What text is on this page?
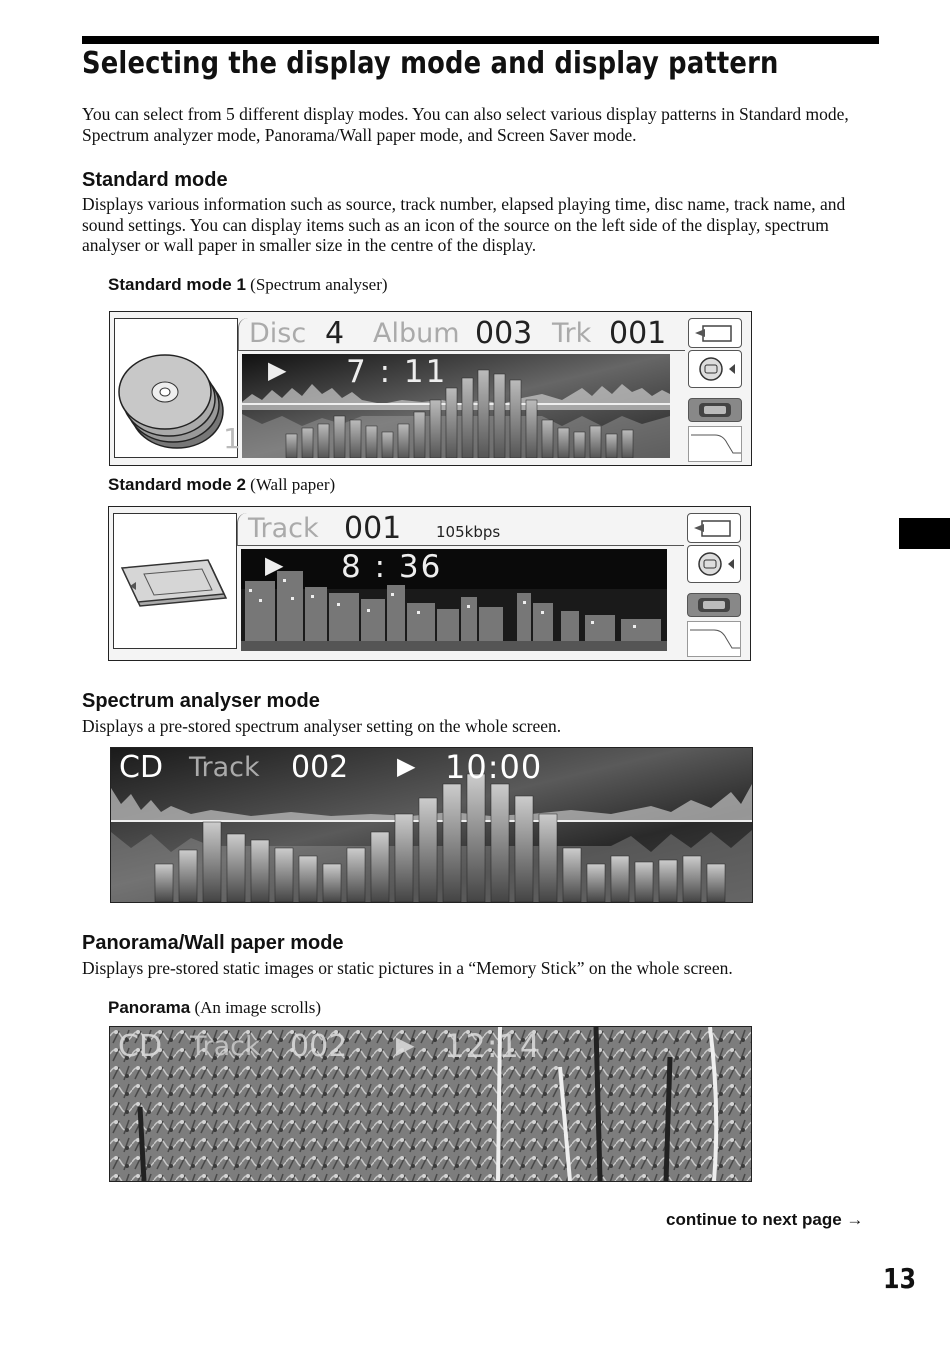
Selecting the display mode and display pattern

You can select from 5 different display modes. You can also select various display patterns in Standard mode, Spectrum analyzer mode, Panorama/Wall paper mode, and Screen Saver mode.

Standard mode

Displays various information such as source, track number, elapsed playing time, disc name, track name, and sound settings. You can display items such as an icon of the source on the left side of the display, spectrum analyser or wall paper in smaller size in the centre of the display.

Standard mode 1 (Spectrum analyser)

1
Disc 4 Album 003 Trk 001
▶ 7 : 11

Standard mode 2 (Wall paper)

Track 001 105kbps
▶ 8 : 36
Spectrum analyser mode

Displays a pre-stored spectrum analyser setting on the whole screen.

CD Track 002 ▶ 10:00
Panorama/Wall paper mode

Displays pre-stored static images or static pictures in a “Memory Stick” on the whole screen.

Panorama (An image scrolls)

CD Track 002 ▶ 12:14
continue to next page →
13
